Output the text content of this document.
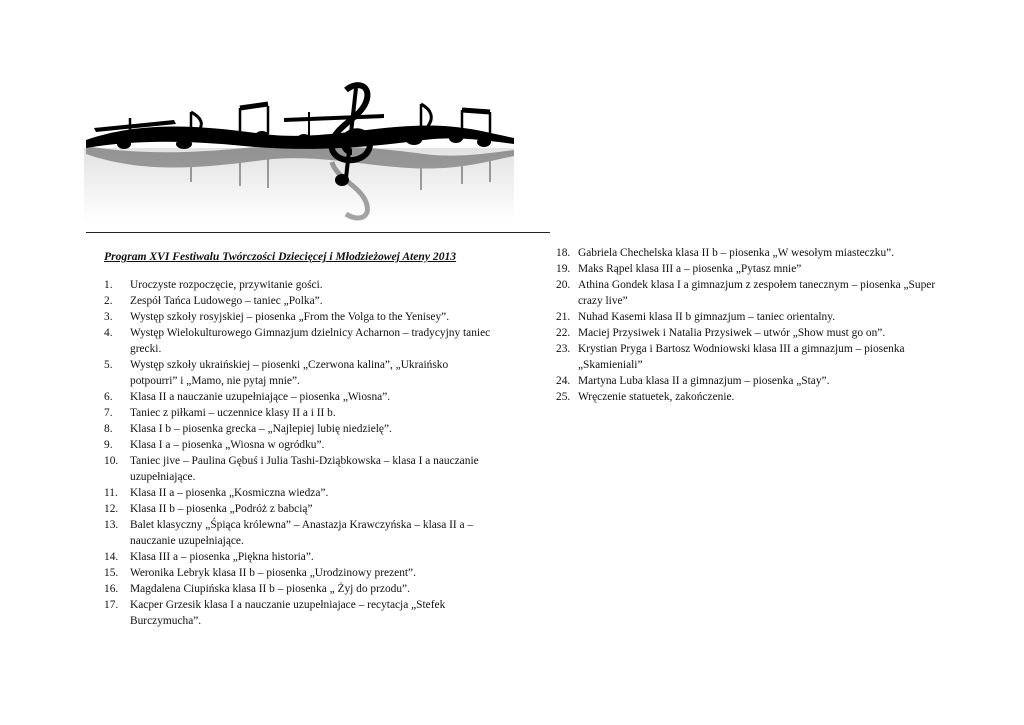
Program XVI Festiwalu Twórczości Dziecięcej i Młodzieżowej Ateny 2013
1.	Uroczyste rozpoczęcie, przywitanie gości.
2.	Zespół Tańca Ludowego – taniec „Polka”.
3.	Występ szkoły rosyjskiej – piosenka „From the Volga to the Yenisey”.
4.	Występ Wielokulturowego Gimnazjum dzielnicy Acharnon – tradycyjny taniec grecki.
5.	Występ szkoły ukraińskiej – piosenki „Czerwona kalina”, „Ukraińsko potpourri” i „Mamo, nie pytaj mnie”.
6.	Klasa II a nauczanie uzupełniające – piosenka „Wiosna”.
7.	Taniec z piłkami – uczennice klasy II a i II b.
8.	Klasa I b – piosenka grecka – „Najlepiej lubię niedzielę”.
9.	Klasa I a – piosenka „Wiosna w ogródku”.
10.	Taniec jive – Paulina Gębuś i Julia Tashi-Dziąbkowska – klasa I a nauczanie uzupełniające.
11.	Klasa II a – piosenka „Kosmiczna wiedza”.
12.	Klasa II b – piosenka „Podróż z babcią”
13.	Balet klasyczny „Śpiąca królewna” – Anastazja Krawczyńska – klasa II a – nauczanie uzupełniające.
14.	Klasa III a – piosenka „Piękna historia”.
15.	Weronika Lebryk klasa II b – piosenka „Urodzinowy prezent”.
16.	Magdalena Ciupińska klasa II b – piosenka „ Żyj do przodu”.
17.	Kacper Grzesik klasa I a nauczanie uzupełniajace – recytacja „Stefek Burczymucha”.
18. Gabriela Chechelska klasa II b – piosenka „W wesołym miasteczku”.
19. Maks Rąpel klasa III a – piosenka „Pytasz mnie”
20. Athina Gondek klasa I a gimnazjum z zespołem tanecznym – piosenka „Super crazy live”
21. Nuhad Kasemi klasa II b gimnazjum – taniec orientalny.
22. Maciej Przysiwek i Natalia Przysiwek – utwór „Show must go on”.
23. Krystian Pryga i Bartosz Wodniowski klasa III a gimnazjum – piosenka „Skamieniali”
24. Martyna Luba klasa II a gimnazjum – piosenka „Stay”.
25. Wręczenie statuetek, zakończenie.
